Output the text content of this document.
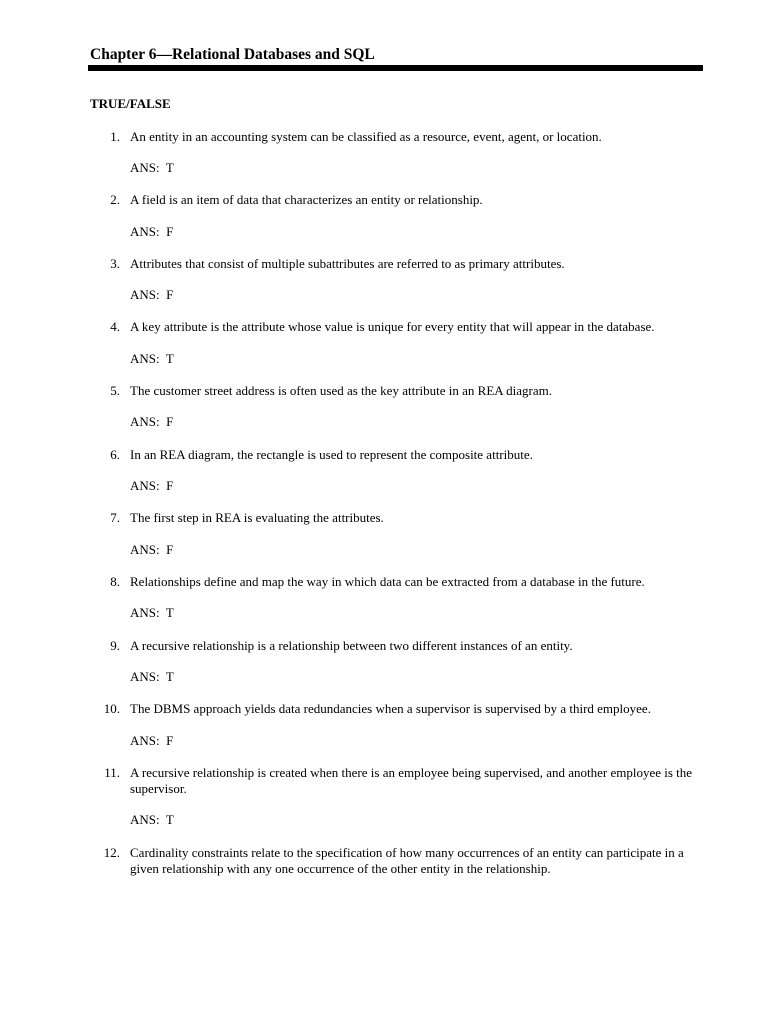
Chapter 6—Relational Databases and SQL
TRUE/FALSE
1. An entity in an accounting system can be classified as a resource, event, agent, or location.
ANS:  T
2. A field is an item of data that characterizes an entity or relationship.
ANS:  F
3. Attributes that consist of multiple subattributes are referred to as primary attributes.
ANS:  F
4. A key attribute is the attribute whose value is unique for every entity that will appear in the database.
ANS:  T
5. The customer street address is often used as the key attribute in an REA diagram.
ANS:  F
6. In an REA diagram, the rectangle is used to represent the composite attribute.
ANS:  F
7. The first step in REA is evaluating the attributes.
ANS:  F
8. Relationships define and map the way in which data can be extracted from a database in the future.
ANS:  T
9. A recursive relationship is a relationship between two different instances of an entity.
ANS:  T
10. The DBMS approach yields data redundancies when a supervisor is supervised by a third employee.
ANS:  F
11. A recursive relationship is created when there is an employee being supervised, and another employee is the supervisor.
ANS:  T
12. Cardinality constraints relate to the specification of how many occurrences of an entity can participate in a given relationship with any one occurrence of the other entity in the relationship.
